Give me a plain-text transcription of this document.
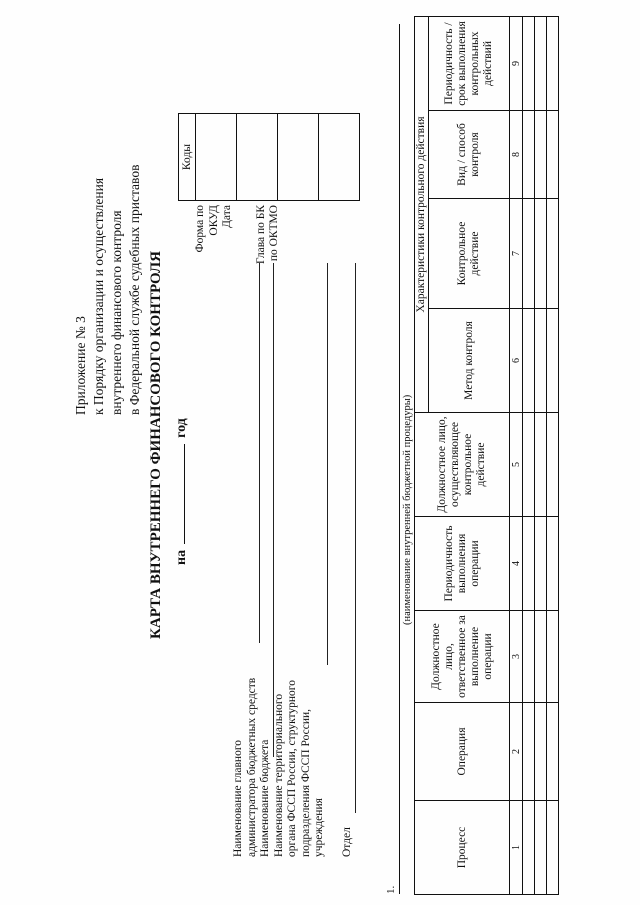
Приложение № 3 к Порядку организации и осуществления внутреннего финансового контроля в Федеральной службе судебных приставов
Коды

Форма по ОКУД Дата Глава по БК по ОКТМО
КАРТА ВНУТРЕННЕГО ФИНАНСОВОГО КОНТРОЛЯ нагод
Наименование главного администратора бюджетных средств Наименование бюджета Наименование территориального органа ФССП России, структурного подразделения ФССП России, учреждения Отдел
1.
(наименование внутренней бюджетной процедуры)
Процесс	Операция	Должностное лицо, ответственное за выполнение операции	Периодичность выполнения операции	Должностное лицо, осуществляющее контрольное действие	Характеристики контрольного действия			
					Метод контроля	Контрольное действие	Вид / способ контроля	Периодичность / срок выполнения контрольных действий
1	2	3	4	5	6	7	8	9
